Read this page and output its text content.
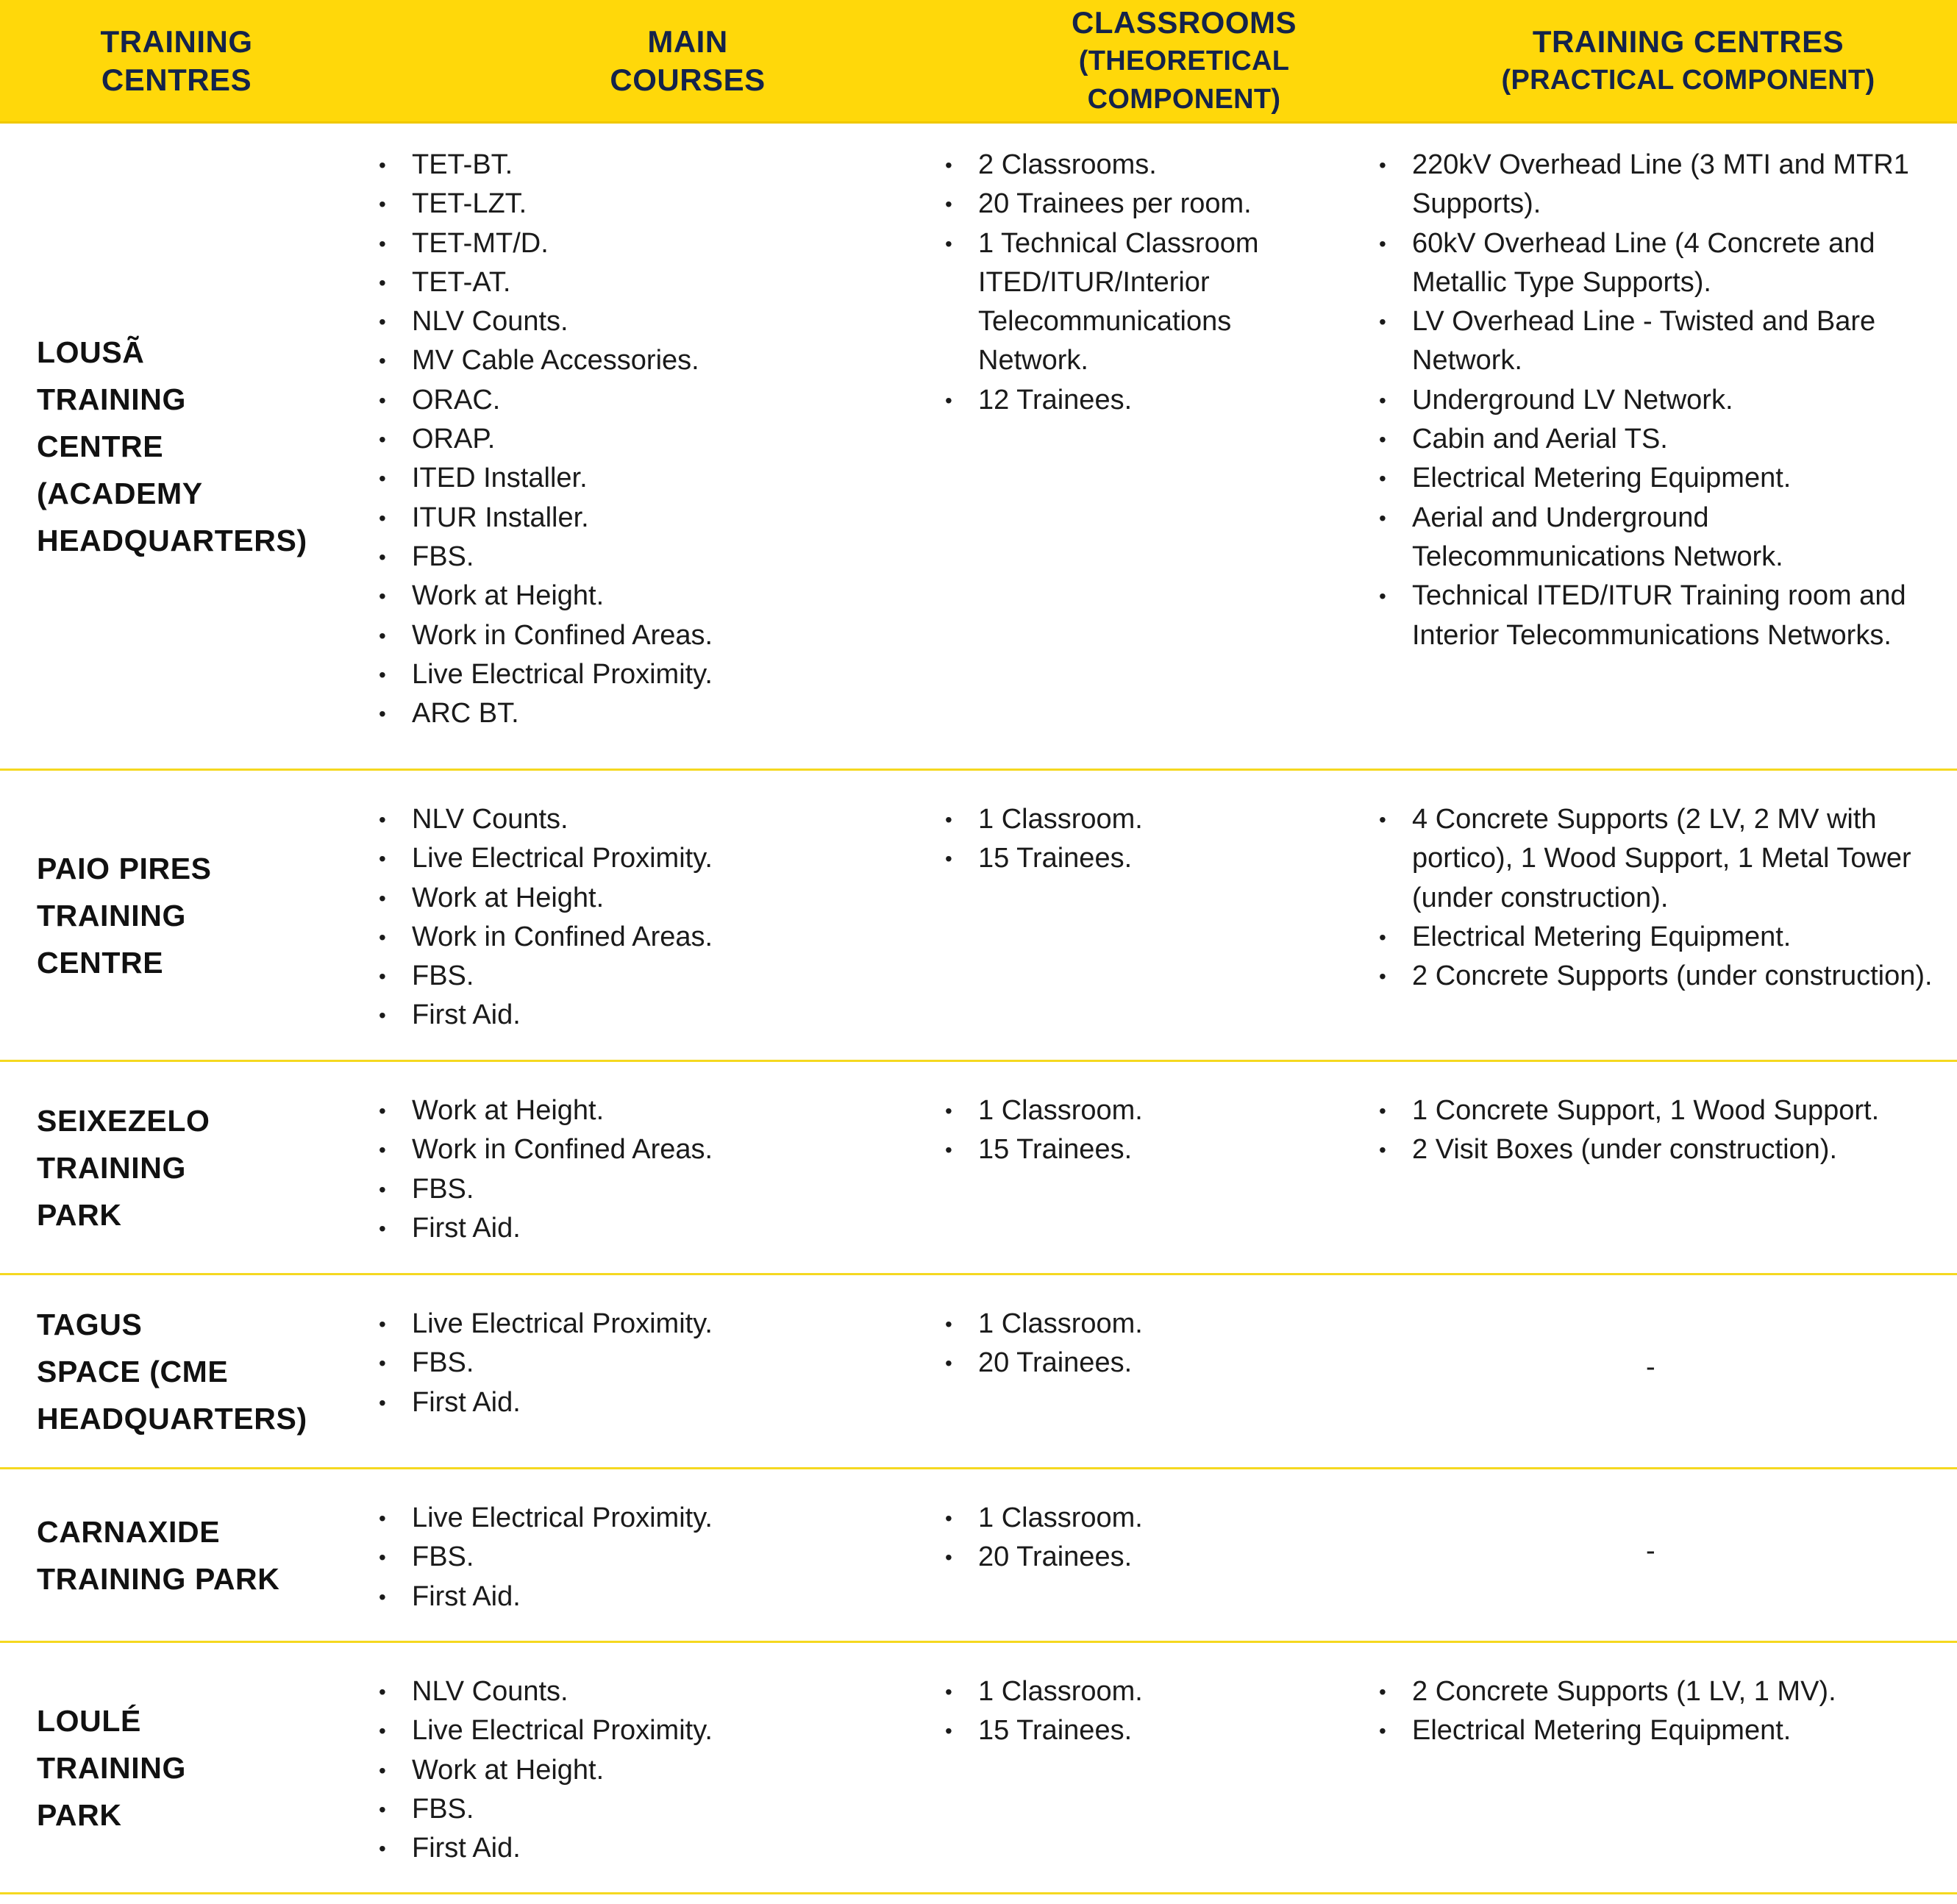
TRAINING
CENTRES
MAIN
COURSES
CLASSROOMS
(THEORETICAL COMPONENT)
TRAINING CENTRES
(PRACTICAL COMPONENT)
LOUSÃ
TRAINING
CENTRE
(ACADEMY
HEADQUARTERS)
• TET-BT.
• TET-LZT.
• TET-MT/D.
• TET-AT.
• NLV Counts.
• MV Cable Accessories.
• ORAC.
• ORAP.
• ITED Installer.
• ITUR Installer.
• FBS.
• Work at Height.
• Work in Confined Areas.
• Live Electrical Proximity.
• ARC BT.
• 2 Classrooms.
• 20 Trainees per room.
• 1 Technical Classroom ITED/ITUR/Interior Telecommunications Network.
• 12 Trainees.
• 220kV Overhead Line (3 MTI and MTR1 Supports).
• 60kV Overhead Line (4 Concrete and Metallic Type Supports).
• LV Overhead Line - Twisted and Bare Network.
• Underground LV Network.
• Cabin and Aerial TS.
• Electrical Metering Equipment.
• Aerial and Underground Telecommunications Network.
• Technical ITED/ITUR Training room and Interior Telecommunications Networks.
PAIO PIRES
TRAINING
CENTRE
• NLV Counts.
• Live Electrical Proximity.
• Work at Height.
• Work in Confined Areas.
• FBS.
• First Aid.
• 1 Classroom.
• 15 Trainees.
• 4 Concrete Supports (2 LV, 2 MV with portico), 1 Wood Support, 1 Metal Tower (under construction).
• Electrical Metering Equipment.
• 2 Concrete Supports (under construction).
SEIXEZELO
TRAINING
PARK
• Work at Height.
• Work in Confined Areas.
• FBS.
• First Aid.
• 1 Classroom.
• 15 Trainees.
• 1 Concrete Support, 1 Wood Support.
• 2 Visit Boxes (under construction).
TAGUS
SPACE (CME
HEADQUARTERS)
• Live Electrical Proximity.
• FBS.
• First Aid.
• 1 Classroom.
• 20 Trainees.	-
CARNAXIDE
TRAINING PARK
• Live Electrical Proximity.
• FBS.
• First Aid.
• 1 Classroom.
• 20 Trainees.	-
LOULÉ
TRAINING
PARK
• NLV Counts.
• Live Electrical Proximity.
• Work at Height.
• FBS.
• First Aid.
• 1 Classroom.
• 15 Trainees.
• 2 Concrete Supports (1 LV, 1 MV).
• Electrical Metering Equipment.
